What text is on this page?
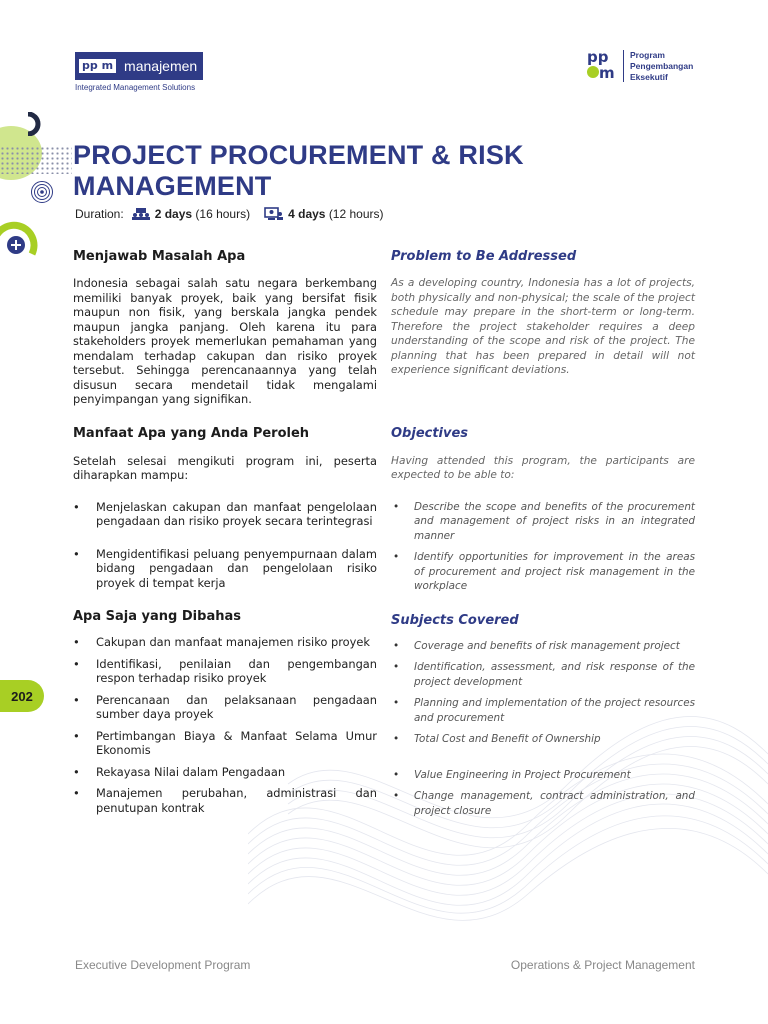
pp m manajemen
Integrated Management Solutions
pp
m
Program
Pengembangan
Eksekutif
PROJECT PROCUREMENT & RISK
MANAGEMENT
Duration:	2 days
(16 hours)	4 days
(12 hours)
Menjawab Masalah Apa

Indonesia sebagai salah satu negara berkembang memiliki banyak proyek, baik yang bersifat fisik maupun non fisik, yang berskala jangka pendek maupun jangka panjang. Oleh karena itu para stakeholders proyek memerlukan pemahaman yang mendalam terhadap cakupan dan risiko proyek tersebut. Sehingga perencanaannya yang telah disusun secara mendetail tidak mengalami penyimpangan yang signifikan.

Manfaat Apa yang Anda Peroleh

Setelah selesai mengikuti program ini, peserta diharapkan mampu:

• Menjelaskan cakupan dan manfaat pengelolaan pengadaan dan risiko proyek secara terintegrasi
• Mengidentifikasi peluang penyempurnaan dalam bidang pengadaan dan pengelolaan risiko proyek di tempat kerja
Apa Saja yang Dibahas
• Cakupan dan manfaat manajemen risiko proyek
• Identifikasi, penilaian dan pengembangan respon terhadap risiko proyek
• Perencanaan dan pelaksanaan pengadaan sumber daya proyek
• Pertimbangan Biaya & Manfaat Selama Umur Ekonomis
• Rekayasa Nilai dalam Pengadaan
• Manajemen perubahan, administrasi dan penutupan kontrak
Problem to Be Addressed

As a developing country, Indonesia has a lot of projects, both physically and non-physical; the scale of the project schedule may prepare in the short-term or long-term. Therefore the project stakeholder requires a deep understanding of the scope and risk of the project. The planning that has been prepared in detail will not experience significant deviations.

Objectives

Having attended this program, the participants are expected to be able to:

• Describe the scope and benefits of the procurement and management of project risks in an integrated manner
• Identify opportunities for improvement in the areas of procurement and project risk management in the workplace
Subjects Covered
• Coverage and benefits of risk management project
• Identification, assessment, and risk response of the project development
• Planning and implementation of the project resources and procurement
• Total Cost and Benefit of Ownership
• Value Engineering in Project Procurement
• Change management, contract administration, and project closure
202
Executive Development Program	Operations & Project Management
